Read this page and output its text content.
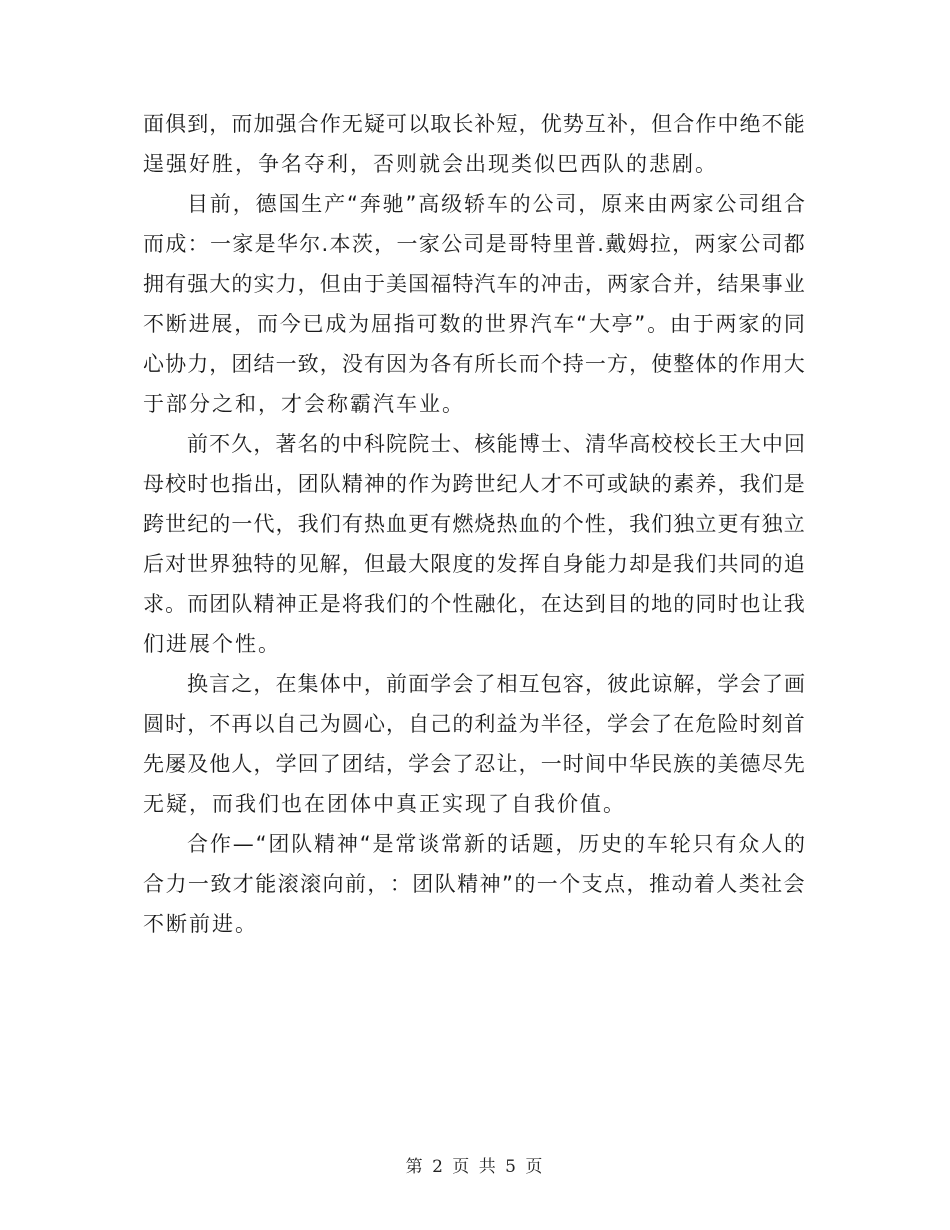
面 俱 到 ， 而 加 强 合 作 无 疑 可 以 取 长 补 短 ， 优 势 互 补 ， 但 合 作 中 绝 不 能
逞强好胜，争名夺利，否则就会出现类似巴西队的悲剧。
目 前 ， 德 国 生 产 “ 奔 驰 ” 高 级 轿 车 的 公 司 ， 原 来 由 两 家 公 司 组 合
而 成 ： 一 家 是 华 尔 . 本 茨 ， 一 家 公 司 是 哥 特 里 普 . 戴 姆 拉 ， 两 家 公 司 都
拥 有 强 大 的 实 力 ， 但 由 于 美 国 福 特 汽 车 的 冲 击 ， 两 家 合 并 ， 结 果 事 业
不 断 进 展 ， 而 今 已 成 为 屈 指 可 数 的 世 界 汽 车 “ 大 亭 ” 。 由 于 两 家 的 同
心 协 力 ， 团 结 一 致 ， 没 有 因 为 各 有 所 长 而 个 持 一 方 ， 使 整 体 的 作 用 大
于部分之和，才会称霸汽车业。
前 不 久 ， 著 名 的 中 科 院 院 士 、 核 能 博 士 、 清 华 高 校 校 长 王 大 中 回
母 校 时 也 指 出 ， 团 队 精 神 的 作 为 跨 世 纪 人 才 不 可 或 缺 的 素 养 ， 我 们 是
跨 世 纪 的 一 代 ， 我 们 有 热 血 更 有 燃 烧 热 血 的 个 性 ， 我 们 独 立 更 有 独 立
后 对 世 界 独 特 的 见 解 ， 但 最 大 限 度 的 发 挥 自 身 能 力 却 是 我 们 共 同 的 追
求 。 而 团 队 精 神 正 是 将 我 们 的 个 性 融 化 ， 在 达 到 目 的 地 的 同 时 也 让 我
们进展个性。
换 言 之 ， 在 集 体 中 ， 前 面 学 会 了 相 互 包 容 ， 彼 此 谅 解 ， 学 会 了 画
圆 时 ， 不 再 以 自 己 为 圆 心 ， 自 己 的 利 益 为 半 径 ， 学 会 了 在 危 险 时 刻 首
先 屡 及 他 人 ， 学 回 了 团 结 ， 学 会 了 忍 让 ， 一 时 间 中 华 民 族 的 美 德 尽 先
无疑，而我们也在团体中真正实现了自我价值。
合 作 — “ 团 队 精 神 “ 是 常 谈 常 新 的 话 题 ， 历 史 的 车 轮 只 有 众 人 的
合 力 一 致 才 能 滚 滚 向 前 ， ： 团 队 精 神 ” 的 一 个 支 点 ， 推 动 着 人 类 社 会
不断前进。
第 2 页 共 5 页
